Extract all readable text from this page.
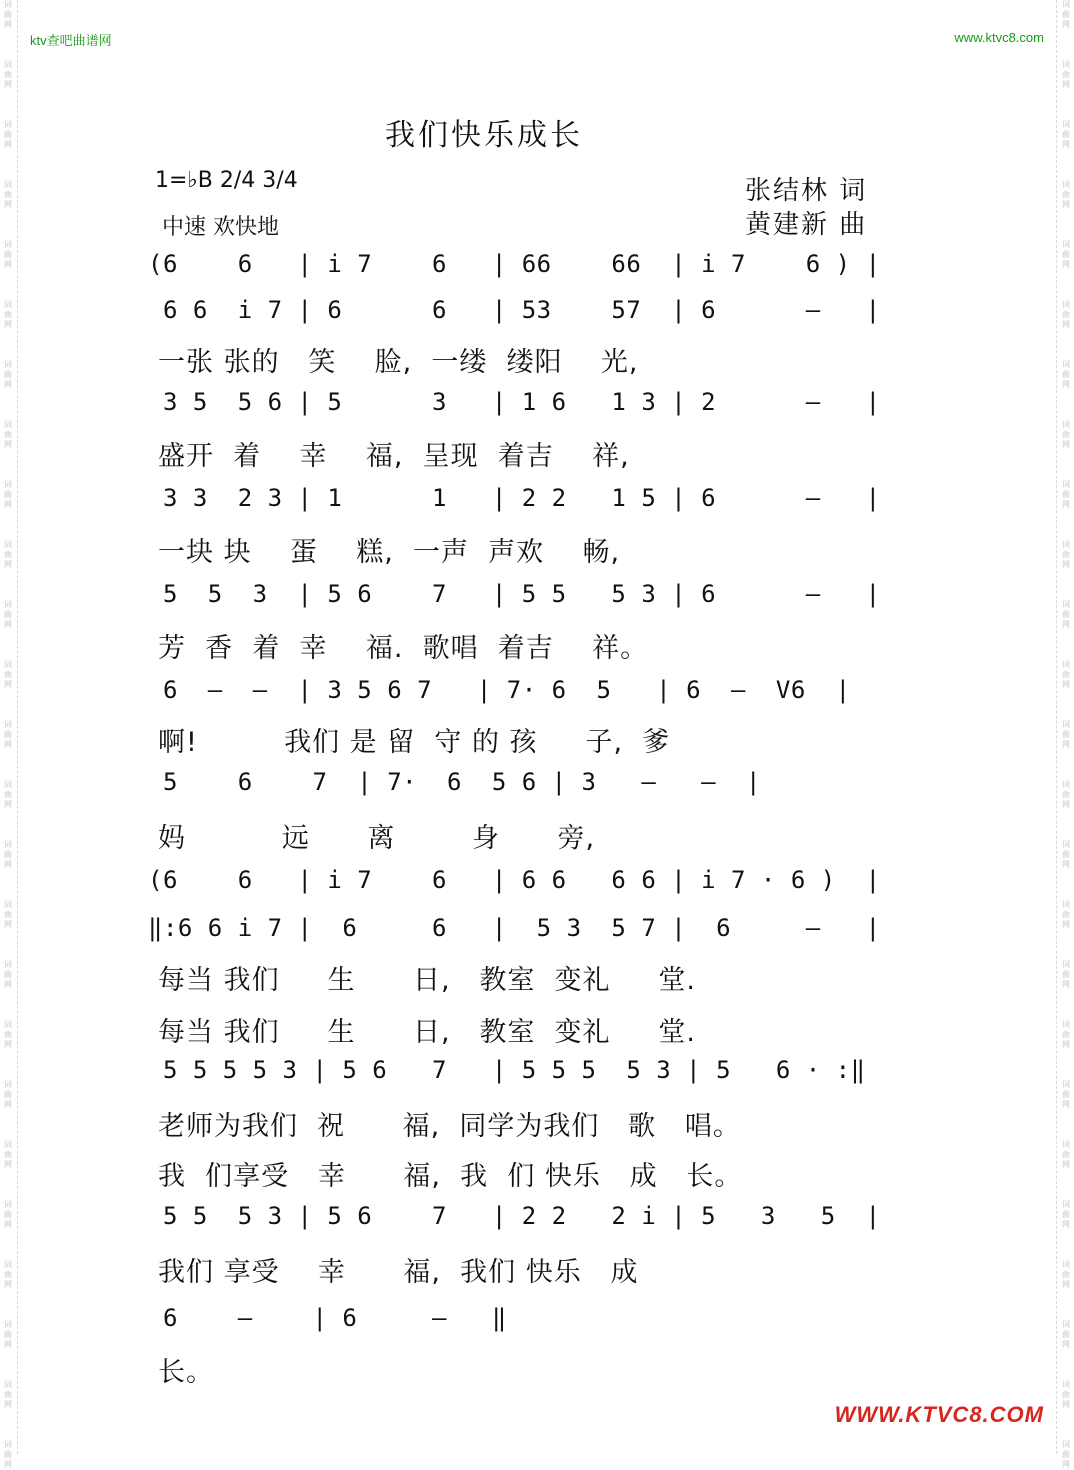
词
曲
网
词
曲
网
词
曲
网
词
曲
网
词
曲
网
词
曲
网
词
曲
网
词
曲
网
词
曲
网
词
曲
网
词
曲
网
词
曲
网
词
曲
网
词
曲
网
词
曲
网
词
曲
网
词
曲
网
词
曲
网
词
曲
网
词
曲
网
词
曲
网
词
曲
网
词
曲
网
词
曲
网
词
曲
网
词
曲
网
词
曲
网
词
曲
网
词
曲
网
词
曲
网
词
曲
网
词
曲
网
词
曲
网
词
曲
网
词
曲
网
词
曲
网
词
曲
网
词
曲
网
词
曲
网
词
曲
网
词
曲
网
词
曲
网
词
曲
网
词
曲
网
词
曲
网
词
曲
网
词
曲
网
词
曲
网
词
曲
网
词
曲
网
ktv查吧曲谱网	www.ktvc8.com
我们快乐成长
1=♭B 2/4 3/4
中速 欢快地
张结林 词
黄建新 曲
(6    6   | i 7    6   | 66    66  | i 7    6 ) |
6 6  i 7 | 6      6   | 53    57  | 6      —   |
一张 张的   笑    脸,  一缕  缕阳    光,
3 5  5 6 | 5      3   | 1 6   1 3 | 2      —   |
盛开  着    幸    福,  呈现  着吉    祥,
3 3  2 3 | 1      1   | 2 2   1 5 | 6      —   |
一块 块    蛋    糕,  一声  声欢    畅,
5  5  3  | 5 6    7   | 5 5   5 3 | 6      —   |
芳  香  着  幸    福.  歌唱  着吉    祥。
6  —  —  | 3 5 6 7   | 7· 6  5   | 6  —  V6  |
啊!         我们 是 留  守 的 孩     子,  爹
5    6    7  | 7·  6  5 6 | 3   —   —  |
妈          远      离        身      旁,
(6    6   | i 7    6   | 6 6   6 6 | i 7 · 6 )  |
‖:6 6 i 7 |  6     6   |  5 3  5 7 |  6     —   |
每当 我们     生      日,   教室  变礼     堂.
每当 我们     生      日,   教室  变礼     堂.
5 5 5 5 3 | 5 6   7   | 5 5 5  5 3 | 5   6 · :‖
老师为我们  祝      福,  同学为我们   歌   唱。
我  们享受   幸      福,  我  们 快乐   成   长。
5 5  5 3 | 5 6    7   | 2 2   2 i | 5   3   5  |
我们 享受    幸      福,  我们 快乐   成
6    —    | 6     —   ‖
长。
WWW.KTVC8.COM
